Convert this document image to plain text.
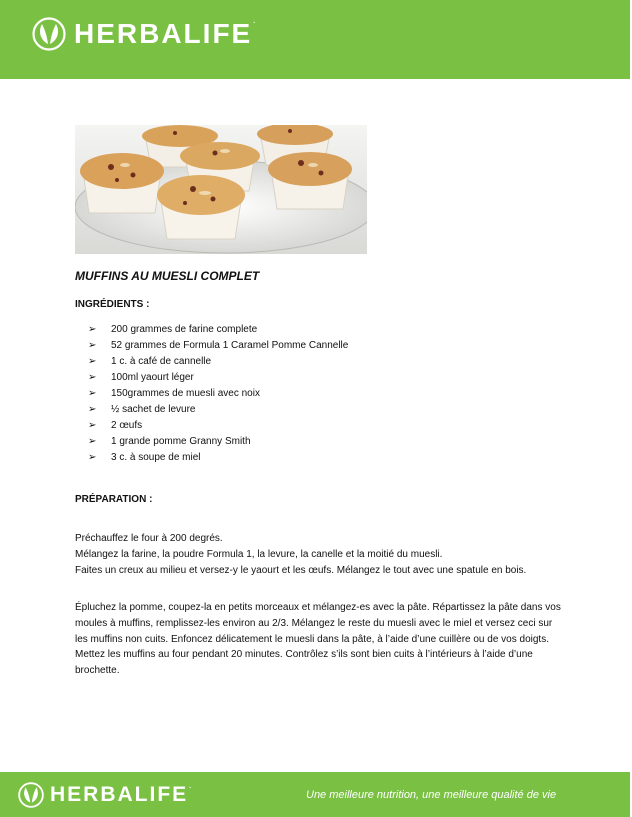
HERBALIFE.
MUFFINS AU MUESLI COMPLET
INGRÉDIENTS :
➢	200 grammes de farine complete
➢	52 grammes de Formula 1 Caramel Pomme Cannelle
➢	1 c. à café de cannelle
➢	100ml yaourt léger
➢	150grammes de muesli avec noix
➢	½ sachet de levure
➢	2 œufs
➢	1 grande pomme Granny Smith
➢	3 c. à soupe de miel
PRÉPARATION :
Préchauffez le four à 200 degrés.
Mélangez la farine, la poudre Formula 1, la levure, la canelle et la moitié du muesli.
Faites un creux au milieu et versez-y le yaourt et les œufs. Mélangez le tout avec une spatule en bois.
Épluchez la pomme, coupez-la en petits morceaux et mélangez-es avec la pâte. Répartissez la pâte dans vos moules à muffins, remplissez-les environ au 2/3. Mélangez le reste du muesli avec le miel et versez ceci sur les muffins non cuits. Enfoncez délicatement le muesli dans la pâte, à l’aide d’une cuillère ou de vos doigts. Mettez les muffins au four pendant 20 minutes. Contrôlez s’ils sont bien cuits à l’intérieurs à l’aide d’une brochette.
HERBALIFE.
Une meilleure nutrition, une meilleure qualité de vie
